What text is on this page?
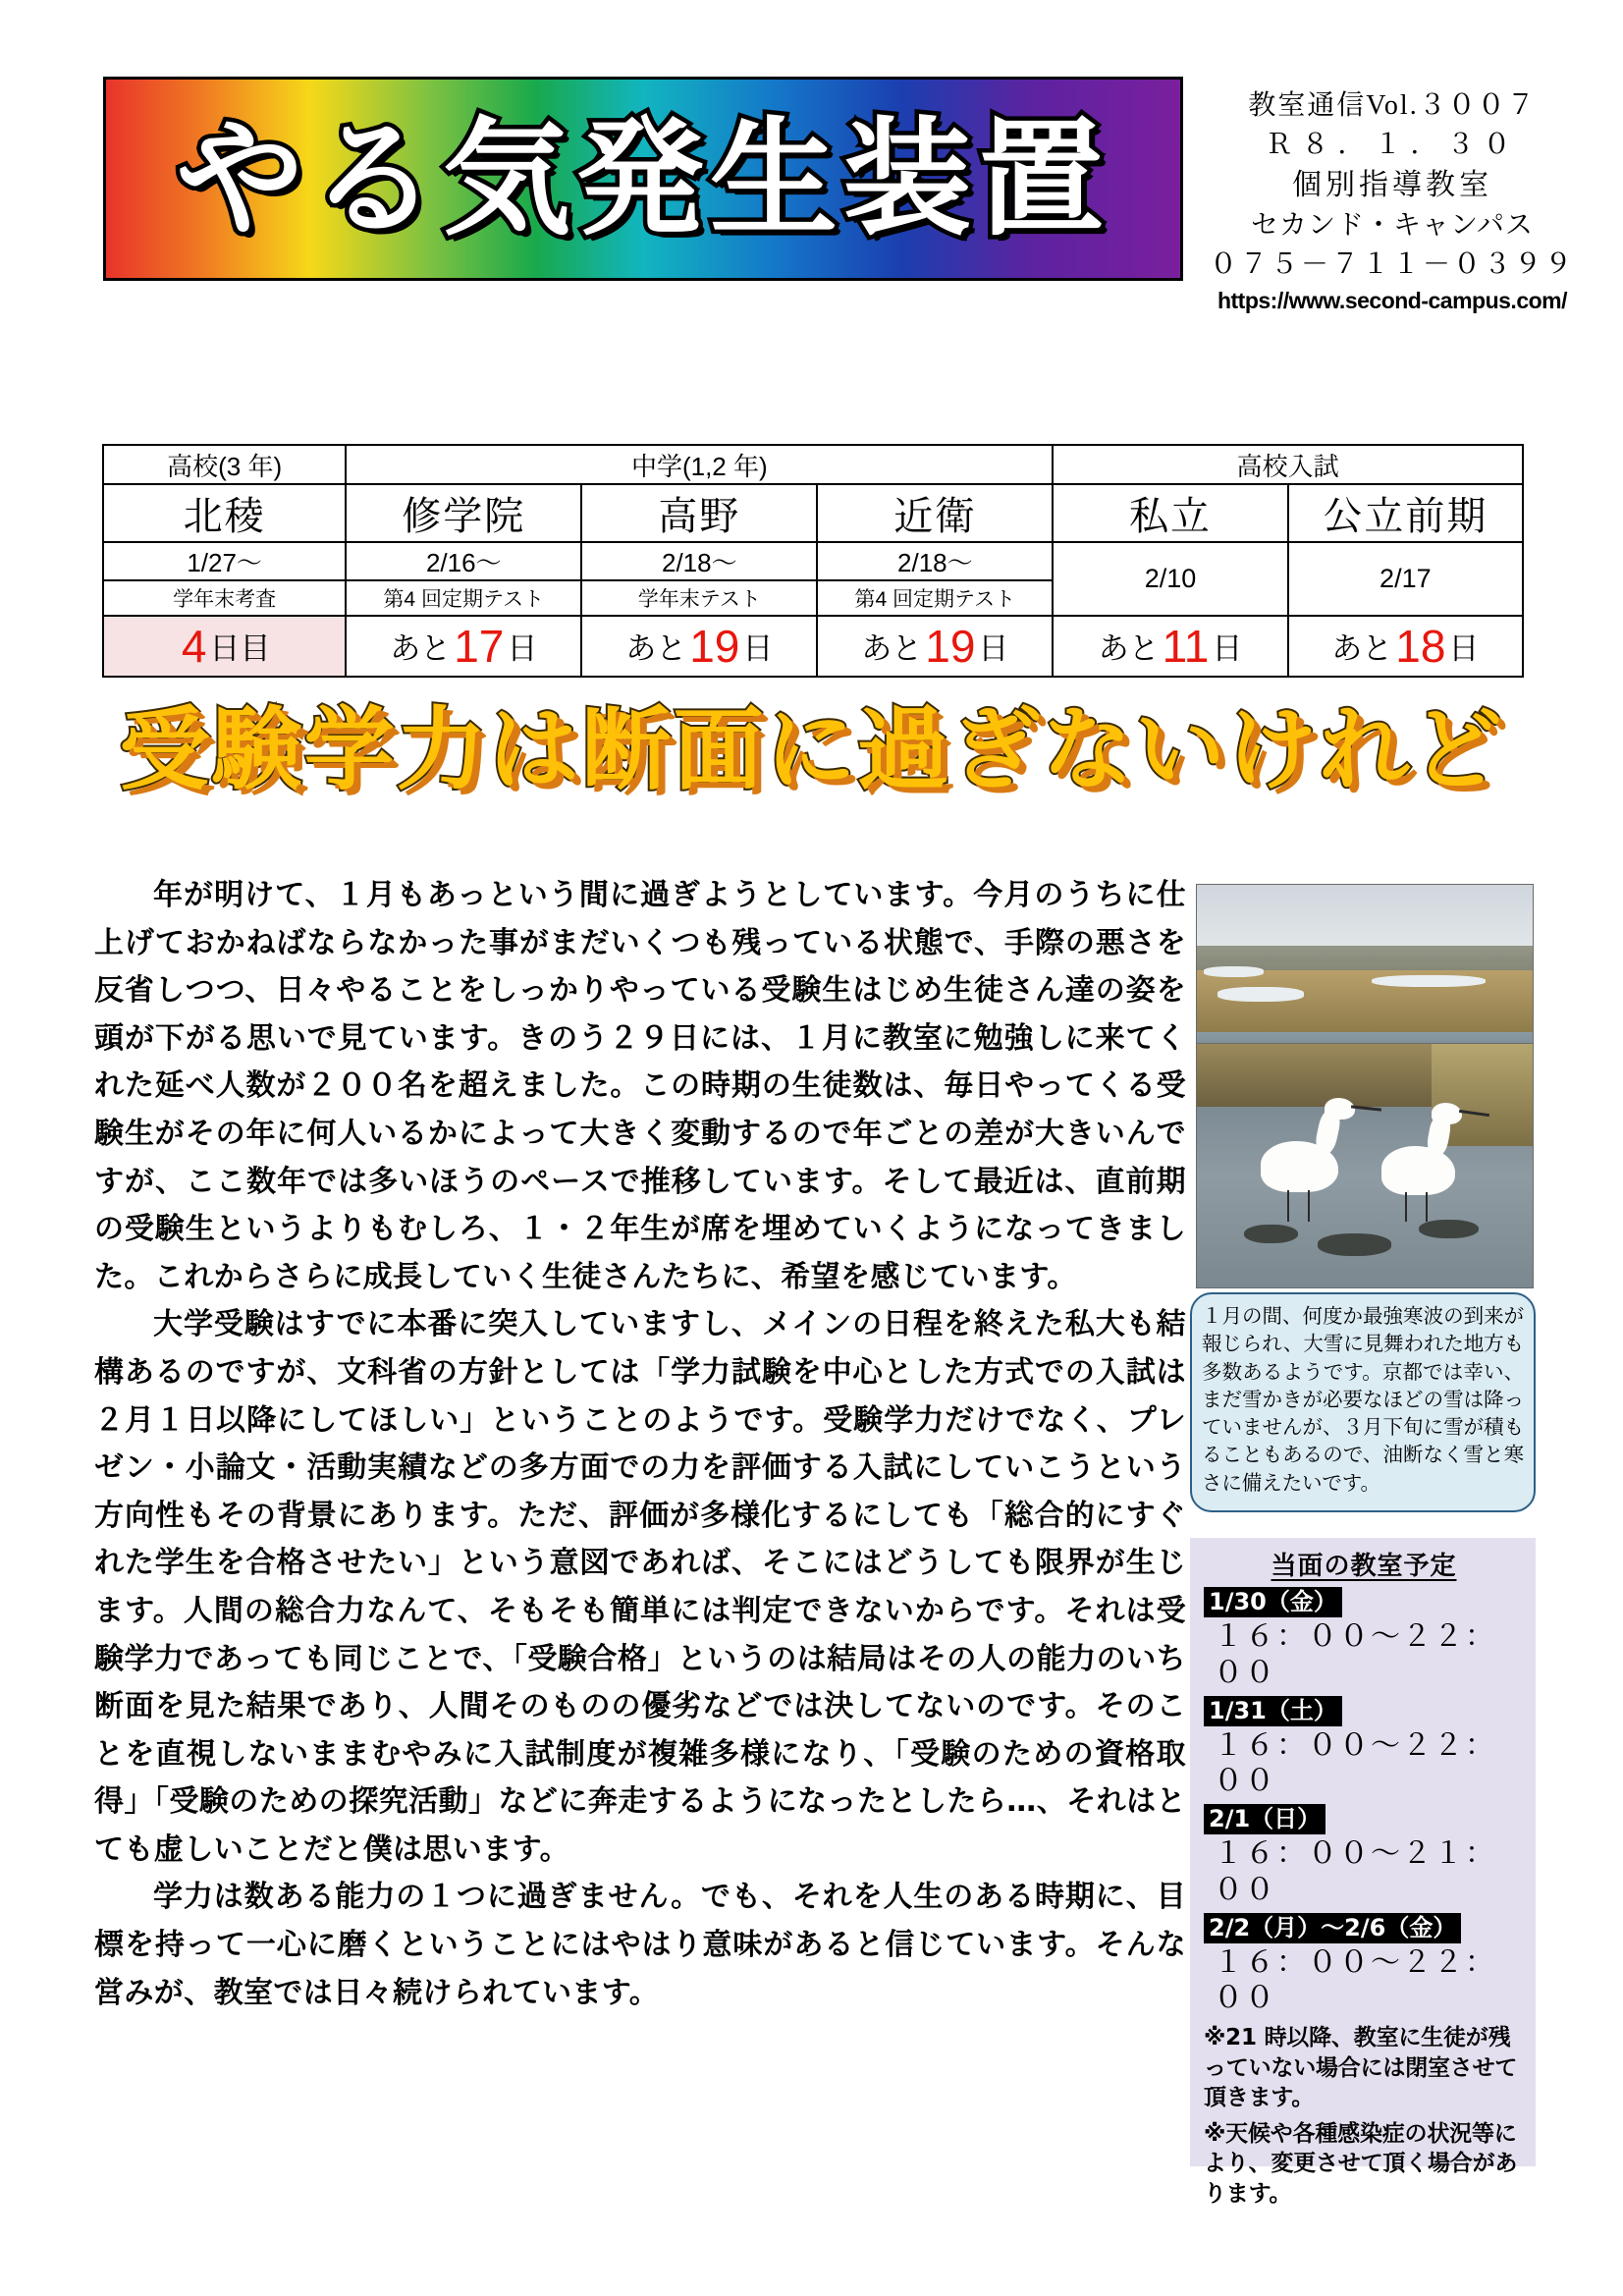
やる気発生装置	教室通信Vol.３００７
Ｒ８．１．３０
個別指導教室
セカンド・キャンパス
０７５－７１１－０３９９
https://www.second-campus.com/
高校(3 年)	中学(1,2 年)			高校入試	
北稜	修学院	高野	近衛	私立	公立前期
1/27～	2/16～	2/18～	2/18～	2/10	2/17
学年末考査	第4 回定期テスト	学年末テスト	第4 回定期テスト		
4日目	あと17日	あと19日	あと19日	あと11日	あと18日
受験学力は断面に過ぎないけれど

年が明けて、１月もあっという間に過ぎようとしています。今月のうちに仕上げておかねばならなかった事がまだいくつも残っている状態で、手際の悪さを反省しつつ、日々やることをしっかりやっている受験生はじめ生徒さん達の姿を頭が下がる思いで見ています。きのう２９日には、１月に教室に勉強しに来てくれた延べ人数が２００名を超えました。この時期の生徒数は、毎日やってくる受験生がその年に何人いるかによって大きく変動するので年ごとの差が大きいんですが、ここ数年では多いほうのペースで推移しています。そして最近は、直前期の受験生というよりもむしろ、１・２年生が席を埋めていくようになってきました。これからさらに成長していく生徒さんたちに、希望を感じています。

大学受験はすでに本番に突入していますし、メインの日程を終えた私大も結構あるのですが、文科省の方針としては「学力試験を中心とした方式での入試は２月１日以降にしてほしい」ということのようです。受験学力だけでなく、プレゼン・小論文・活動実績などの多方面での力を評価する入試にしていこうという方向性もその背景にあります。ただ、評価が多様化するにしても「総合的にすぐれた学生を合格させたい」という意図であれば、そこにはどうしても限界が生じます。人間の総合力なんて、そもそも簡単には判定できないからです。それは受験学力であっても同じことで、「受験合格」というのは結局はその人の能力のいち断面を見た結果であり、人間そのものの優劣などでは決してないのです。そのことを直視しないままむやみに入試制度が複雑多様になり、「受験のための資格取得」「受験のための探究活動」などに奔走するようになったとしたら…、それはとても虚しいことだと僕は思います。

学力は数ある能力の１つに過ぎません。でも、それを人生のある時期に、目標を持って一心に磨くということにはやはり意味があると信じています。そんな営みが、教室では日々続けられています。

１月の間、何度か最強寒波の到来が報じられ、大雪に見舞われた地方も多数あるようです。京都では幸い、まだ雪かきが必要なほどの雪は降っていませんが、３月下旬に雪が積もることもあるので、油断なく雪と寒さに備えたいです。
当面の教室予定
1/30（金）
１６：００～２２：００
1/31（土）
１６：００～２２：００
2/1（日）
１６：００～２１：００
2/2（月）～2/6（金）
１６：００～２２：００
※21 時以降、教室に生徒が残っていない場合には閉室させて頂きます。
※天候や各種感染症の状況等により、変更させて頂く場合があります。
